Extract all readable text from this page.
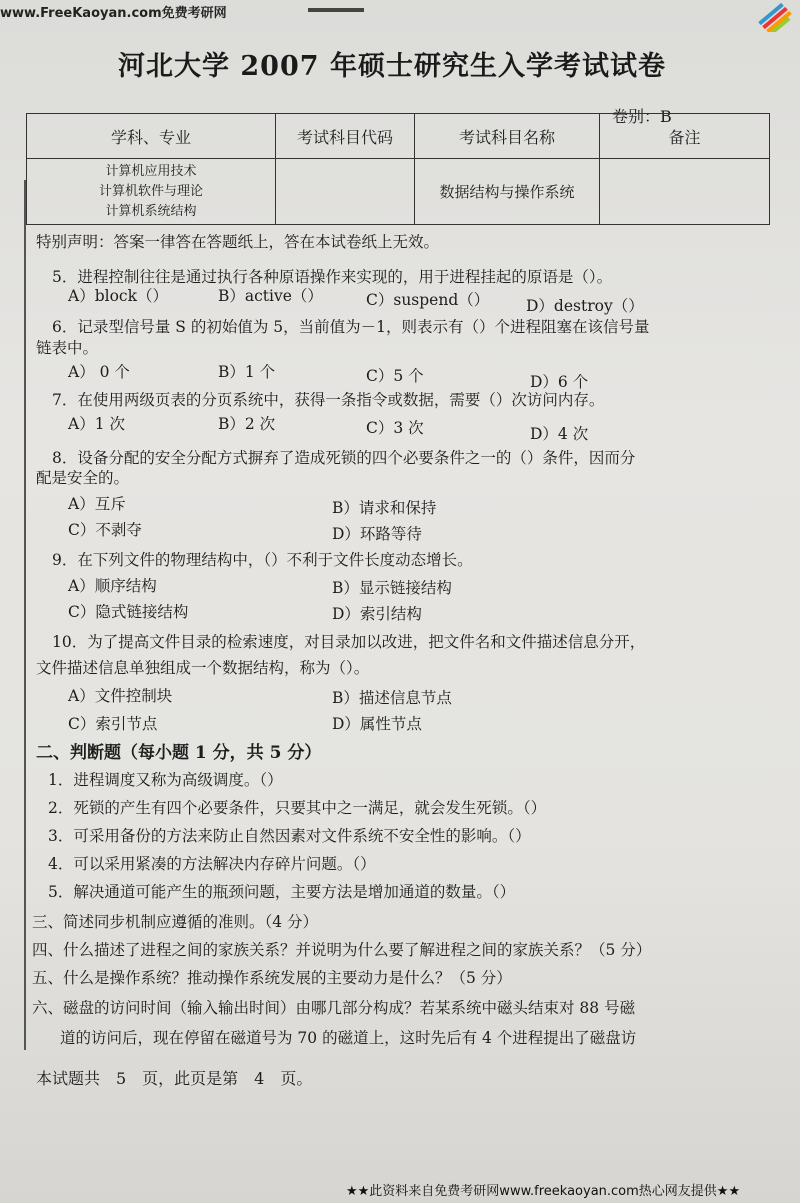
www.FreeKaoyan.com免费考研网
河北大学 2007 年硕士研究生入学考试试卷
卷别：B
学科、专业	考试科目代码	考试科目名称	备注

计算机应用技术
计算机软件与理论
计算机系统结构		数据结构与操作系统	
特别声明：答案一律答在答题纸上，答在本试卷纸上无效。
5．进程控制往往是通过执行各种原语操作来实现的，用于进程挂起的原语是（）。
A）block（）	B）active（）	C）suspend（） D）destroy（）
6．记录型信号量 S 的初始值为 5，当前值为－1，则表示有（）个进程阻塞在该信号量
链表中。
A） 0 个	B）1 个	C）5 个	D）6 个
7．在使用两级页表的分页系统中，获得一条指令或数据，需要（）次访问内存。
A）1 次	B）2 次	C）3 次	D）4 次
8．设备分配的安全分配方式摒弃了造成死锁的四个必要条件之一的（）条件，因而分
配是安全的。
A）互斥	B）请求和保持
C）不剥夺	D）环路等待
9．在下列文件的物理结构中，（）不利于文件长度动态增长。
A）顺序结构	B）显示链接结构
C）隐式链接结构	D）索引结构
10．为了提高文件目录的检索速度，对目录加以改进，把文件名和文件描述信息分开，
文件描述信息单独组成一个数据结构，称为（）。
A）文件控制块	B）描述信息节点
C）索引节点	D）属性节点
二、判断题（每小题 1 分，共 5 分）
1．进程调度又称为高级调度。（）
2．死锁的产生有四个必要条件，只要其中之一满足，就会发生死锁。（）
3．可采用备份的方法来防止自然因素对文件系统不安全性的影响。（）
4．可以采用紧凑的方法解决内存碎片问题。（）
5．解决通道可能产生的瓶颈问题，主要方法是增加通道的数量。（）
三、简述同步机制应遵循的准则。（4 分）
四、什么描述了进程之间的家族关系？并说明为什么要了解进程之间的家族关系？（5 分）
五、什么是操作系统？推动操作系统发展的主要动力是什么？（5 分）
六、磁盘的访问时间（输入输出时间）由哪几部分构成？若某系统中磁头结束对 88 号磁
道的访问后，现在停留在磁道号为 70 的磁道上，这时先后有 4 个进程提出了磁盘访
本试题共　5　页，此页是第　4　页。
★★此资料来自免费考研网www.freekaoyan.com热心网友提供★★
